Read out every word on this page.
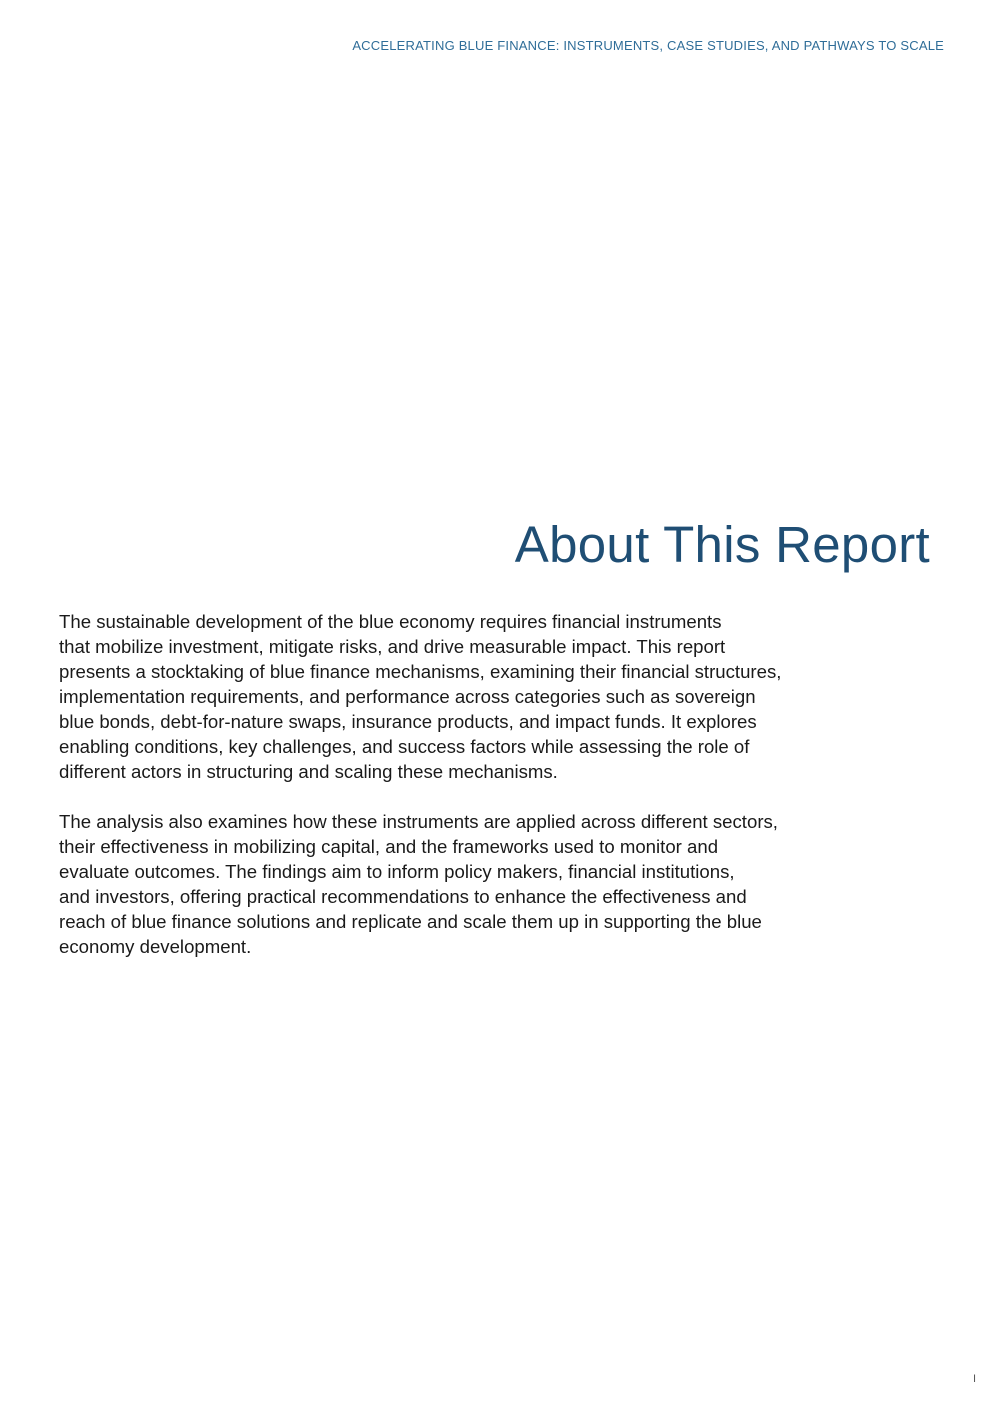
ACCELERATING BLUE FINANCE: INSTRUMENTS, CASE STUDIES, AND PATHWAYS TO SCALE
About This Report

The sustainable development of the blue economy requires financial instruments
that mobilize investment, mitigate risks, and drive measurable impact. This report
presents a stocktaking of blue finance mechanisms, examining their financial structures,
implementation requirements, and performance across categories such as sovereign
blue bonds, debt-for-nature swaps, insurance products, and impact funds. It explores
enabling conditions, key challenges, and success factors while assessing the role of
different actors in structuring and scaling these mechanisms.

The analysis also examines how these instruments are applied across different sectors,
their effectiveness in mobilizing capital, and the frameworks used to monitor and
evaluate outcomes. The findings aim to inform policy makers, financial institutions,
and investors, offering practical recommendations to enhance the effectiveness and
reach of blue finance solutions and replicate and scale them up in supporting the blue
economy development.

I
